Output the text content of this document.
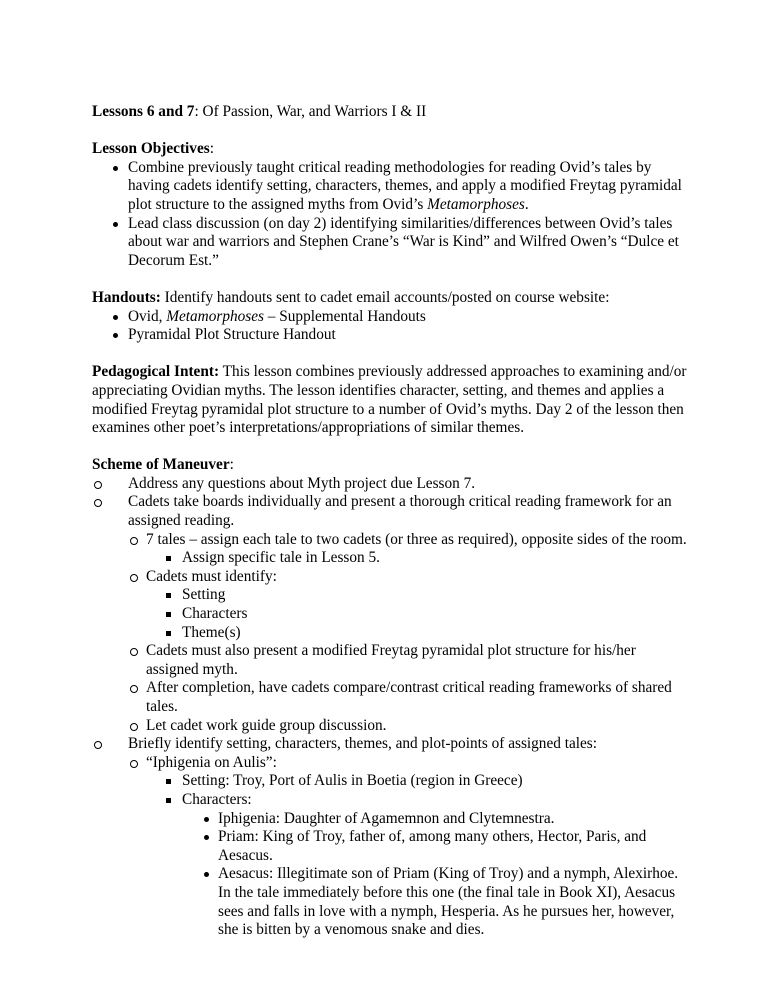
Lessons 6 and 7: Of Passion, War, and Warriors I & II

Lesson Objectives:

Combine previously taught critical reading methodologies for reading Ovid’s tales by having cadets identify setting, characters, themes, and apply a modified Freytag pyramidal plot structure to the assigned myths from Ovid’s Metamorphoses.
Lead class discussion (on day 2) identifying similarities/differences between Ovid’s tales about war and warriors and Stephen Crane’s “War is Kind” and Wilfred Owen’s “Dulce et Decorum Est.”

Handouts: Identify handouts sent to cadet email accounts/posted on course website:

Ovid, Metamorphoses – Supplemental Handouts
Pyramidal Plot Structure Handout

Pedagogical Intent: This lesson combines previously addressed approaches to examining and/or appreciating Ovidian myths. The lesson identifies character, setting, and themes and applies a modified Freytag pyramidal plot structure to a number of Ovid’s myths. Day 2 of the lesson then examines other poet’s interpretations/appropriations of similar themes.

Scheme of Maneuver:

Address any questions about Myth project due Lesson 7.
Cadets take boards individually and present a thorough critical reading framework for an assigned reading.
7 tales – assign each tale to two cadets (or three as required), opposite sides of the room.
Assign specific tale in Lesson 5.
Cadets must identify:
Setting
Characters
Theme(s)
Cadets must also present a modified Freytag pyramidal plot structure for his/her assigned myth.
After completion, have cadets compare/contrast critical reading frameworks of shared tales.
Let cadet work guide group discussion.
Briefly identify setting, characters, themes, and plot-points of assigned tales:
“Iphigenia on Aulis”:
Setting: Troy, Port of Aulis in Boetia (region in Greece)
Characters:
Iphigenia: Daughter of Agamemnon and Clytemnestra.
Priam: King of Troy, father of, among many others, Hector, Paris, and Aesacus.
Aesacus: Illegitimate son of Priam (King of Troy) and a nymph, Alexirhoe. In the tale immediately before this one (the final tale in Book XI), Aesacus sees and falls in love with a nymph, Hesperia. As he pursues her, however, she is bitten by a venomous snake and dies.
